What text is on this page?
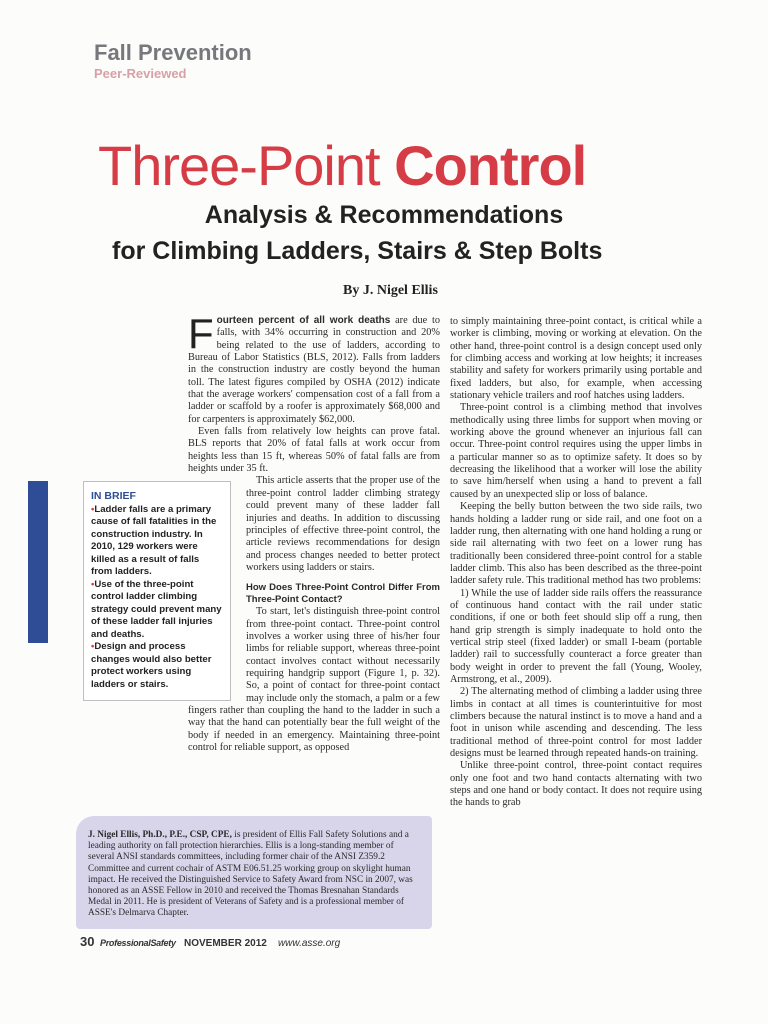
Fall Prevention
Peer-Reviewed
Three-Point Control
Analysis & Recommendations
for Climbing Ladders, Stairs & Step Bolts
By J. Nigel Ellis

Fourteen percent of all work deaths are due to falls, with 34% occurring in construction and 20% being related to the use of ladders, according to Bureau of Labor Statistics (BLS, 2012). Falls from ladders in the construction industry are costly beyond the human toll. The latest figures compiled by OSHA (2012) indicate that the average workers' compensation cost of a fall from a ladder or scaffold by a roofer is approximately $68,000 and for carpenters is approximately $62,000.

Even falls from relatively low heights can prove fatal. BLS reports that 20% of fatal falls at work occur from heights less than 15 ft, whereas 50% of fatal falls are from heights under 35 ft.

This article asserts that the proper use of the three-point control ladder climbing strategy could prevent many of these ladder fall injuries and deaths. In addition to discussing principles of effective three-point control, the article reviews recommendations for design and process changes needed to better protect workers using ladders or stairs.

How Does Three-Point Control Differ From Three-Point Contact?

To start, let's distinguish three-point control from three-point contact. Three-point control involves a worker using three of his/her four limbs for reliable support, whereas three-point contact involves contact without necessarily requiring handgrip support (Figure 1, p. 32). So, a point of contact for three-point contact may include only the stomach, a palm or a few fingers rather than coupling the hand to the ladder in such a way that the hand can potentially bear the full weight of the body if needed in an emergency. Maintaining three-point control for reliable support, as opposed

to simply maintaining three-point contact, is critical while a worker is climbing, moving or working at elevation. On the other hand, three-point control is a design concept used only for climbing access and working at low heights; it increases stability and safety for workers primarily using portable and fixed ladders, but also, for example, when accessing stationary vehicle trailers and roof hatches using ladders.

Three-point control is a climbing method that involves methodically using three limbs for support when moving or working above the ground whenever an injurious fall can occur. Three-point control requires using the upper limbs in a particular manner so as to optimize safety. It does so by decreasing the likelihood that a worker will lose the ability to save him/herself when using a hand to prevent a fall caused by an unexpected slip or loss of balance.

Keeping the belly button between the two side rails, two hands holding a ladder rung or side rail, and one foot on a ladder rung, then alternating with one hand holding a rung or side rail alternating with two feet on a lower rung has traditionally been considered three-point control for a stable ladder climb. This also has been described as the three-point ladder safety rule. This traditional method has two problems:

1) While the use of ladder side rails offers the reassurance of continuous hand contact with the rail under static conditions, if one or both feet should slip off a rung, then hand grip strength is simply inadequate to hold onto the vertical strip steel (fixed ladder) or small I-beam (portable ladder) rail to successfully counteract a force greater than body weight in order to prevent the fall (Young, Wooley, Armstrong, et al., 2009).

2) The alternating method of climbing a ladder using three limbs in contact at all times is counterintuitive for most climbers because the natural instinct is to move a hand and a foot in unison while ascending and descending. The less traditional method of three-point control for most ladder designs must be learned through repeated hands-on training.

Unlike three-point control, three-point contact requires only one foot and two hand contacts alternating with two steps and one hand or body contact. It does not require using the hands to grab

IN BRIEF
•Ladder falls are a primary cause of fall fatalities in the construction industry. In 2010, 129 workers were killed as a result of falls from ladders.
•Use of the three-point control ladder climbing strategy could prevent many of these ladder fall injuries and deaths.
•Design and process changes would also better protect workers using ladders or stairs.
J. Nigel Ellis, Ph.D., P.E., CSP, CPE, is president of Ellis Fall Safety Solutions and a leading authority on fall protection hierarchies. Ellis is a long-standing member of several ANSI standards committees, including former chair of the ANSI Z359.2 Committee and current cochair of ASTM E06.51.25 working group on skylight human impact. He received the Distinguished Service to Safety Award from NSC in 2007, was honored as an ASSE Fellow in 2010 and received the Thomas Bresnahan Standards Medal in 2011. He is president of Veterans of Safety and is a professional member of ASSE's Delmarva Chapter.
30 ProfessionalSafety NOVEMBER 2012 www.asse.org
